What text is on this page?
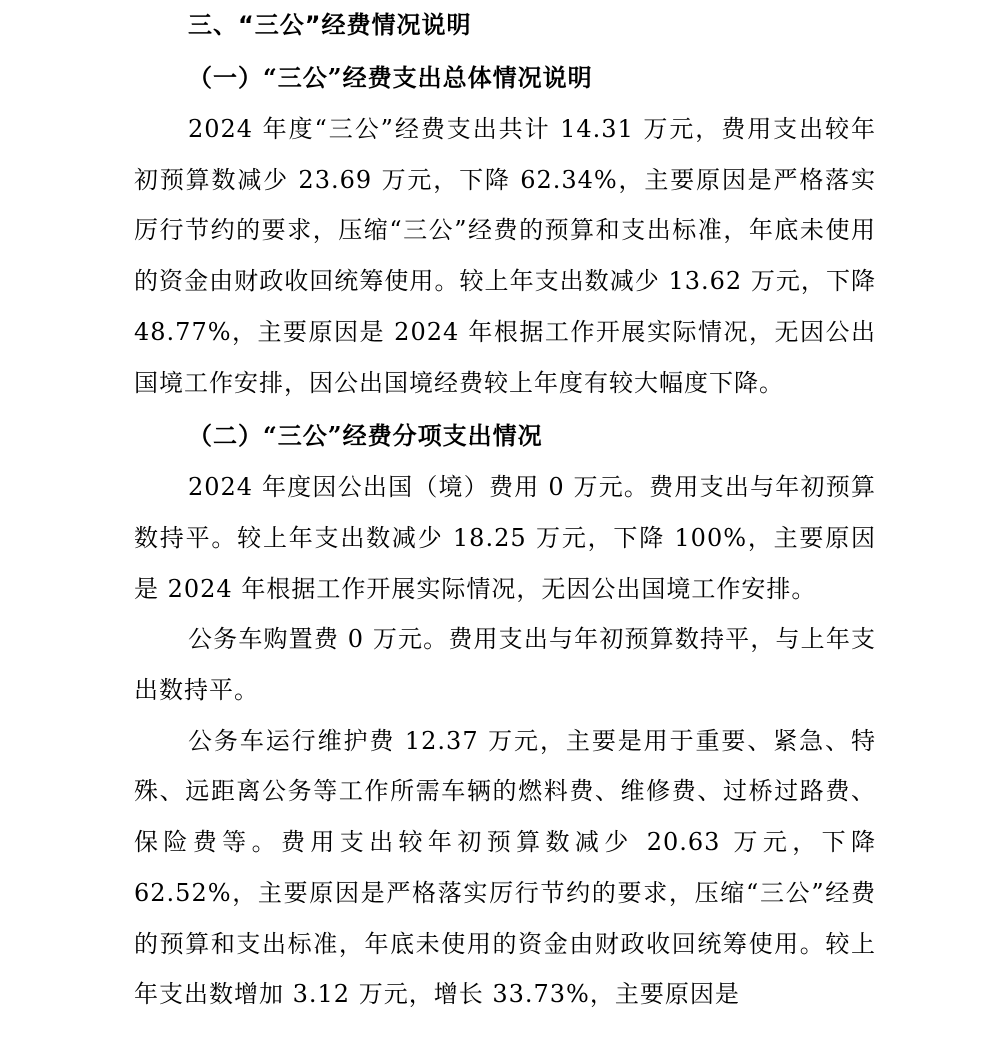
三、“三公”经费情况说明
（一）“三公”经费支出总体情况说明

2024 年度“三公”经费支出共计 14.31 万元，费用支出较年初预算数减少 23.69 万元，下降 62.34%，主要原因是严格落实厉行节约的要求，压缩“三公”经费的预算和支出标准，年底未使用的资金由财政收回统筹使用。较上年支出数减少 13.62 万元，下降 48.77%，主要原因是 2024 年根据工作开展实际情况，无因公出国境工作安排，因公出国境经费较上年度有较大幅度下降。

（二）“三公”经费分项支出情况

2024 年度因公出国（境）费用 0 万元。费用支出与年初预算数持平。较上年支出数减少 18.25 万元，下降 100%，主要原因是 2024 年根据工作开展实际情况，无因公出国境工作安排。

公务车购置费 0 万元。费用支出与年初预算数持平，与上年支出数持平。

公务车运行维护费 12.37 万元，主要是用于重要、紧急、特殊、远距离公务等工作所需车辆的燃料费、维修费、过桥过路费、保险费等。费用支出较年初预算数减少 20.63 万元，下降 62.52%，主要原因是严格落实厉行节约的要求，压缩“三公”经费的预算和支出标准，年底未使用的资金由财政收回统筹使用。较上年支出数增加 3.12 万元，增长 33.73%，主要原因是
